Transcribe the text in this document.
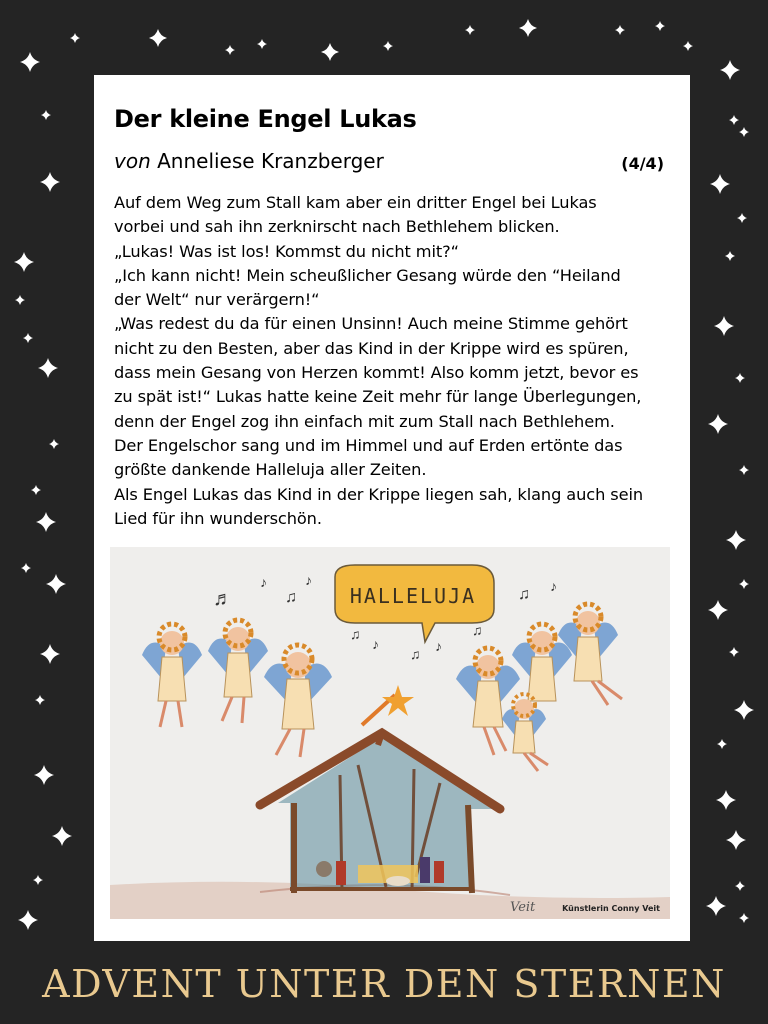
Der kleine Engel Lukas
von Anneliese Kranzberger	(4/4)

Auf dem Weg zum Stall kam aber ein dritter Engel bei Lukas

vorbei und sah ihn zerknirscht nach Bethlehem blicken.

„Lukas! Was ist los! Kommst du nicht mit?“

„Ich kann nicht! Mein scheußlicher Gesang würde den “Heiland

der Welt“ nur verärgern!“

„Was redest du da für einen Unsinn! Auch meine Stimme gehört

nicht zu den Besten, aber das Kind in der Krippe wird es spüren,

dass mein Gesang von Herzen kommt! Also komm jetzt, bevor es

zu spät ist!“ Lukas hatte keine Zeit mehr für lange Überlegungen,

denn der Engel zog ihn einfach mit zum Stall nach Bethlehem.

Der Engelschor sang und im Himmel und auf Erden ertönte das

größte dankende Halleluja aller Zeiten.

Als Engel Lukas das Kind in der Krippe liegen sah, klang auch sein

Lied für ihn wunderschön.

HALLELUJA
♬
♪
♫
♪
♫
♪
♫ ♪
♫
♫ ♪
Veit	Künstlerin Conny Veit
ADVENT UNTER DEN STERNEN
